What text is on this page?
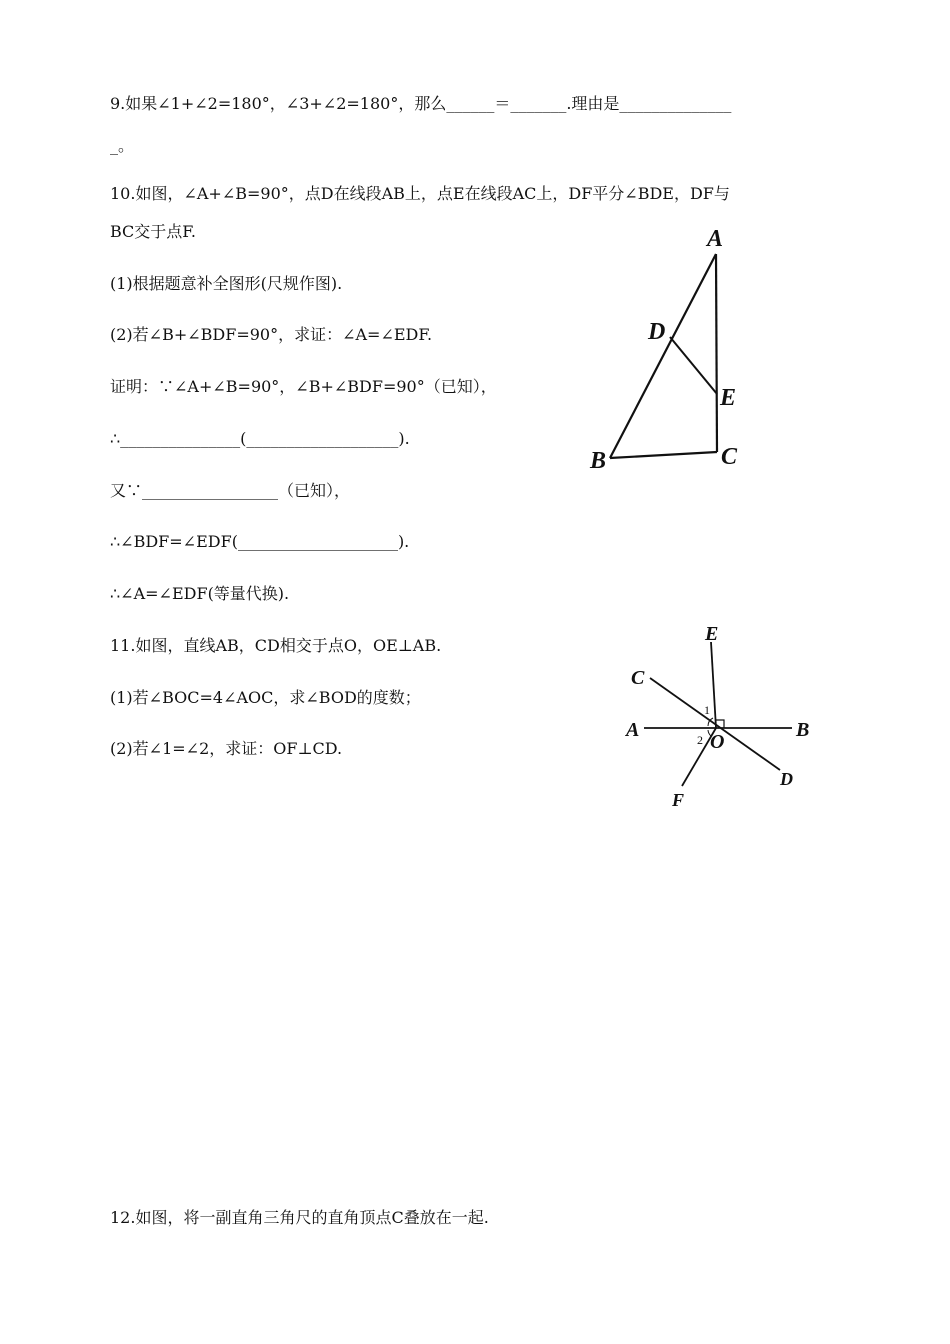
9.如果∠1+∠2=180°，∠3+∠2=180°，那么______＝_______.理由是______________
_。
10.如图，∠A+∠B=90°，点D在线段AB上，点E在线段AC上，DF平分∠BDE，DF与
BC交于点F.
(1)根据题意补全图形(尺规作图).
(2)若∠B+∠BDF=90°，求证：∠A=∠EDF.
证明：∵∠A+∠B=90°，∠B+∠BDF=90°（已知），
∴_______________(___________________).
又∵_________________（已知），
∴∠BDF=∠EDF(____________________).
∴∠A=∠EDF(等量代换).
A
D
E
B	C
11.如图，直线AB，CD相交于点O，OE⊥AB.
(1)若∠BOC=4∠AOC，求∠BOD的度数；
(2)若∠1=∠2，求证：OF⊥CD.
E
C
A	B
O
D
F
1
2
12.如图，将一副直角三角尺的直角顶点C叠放在一起.
